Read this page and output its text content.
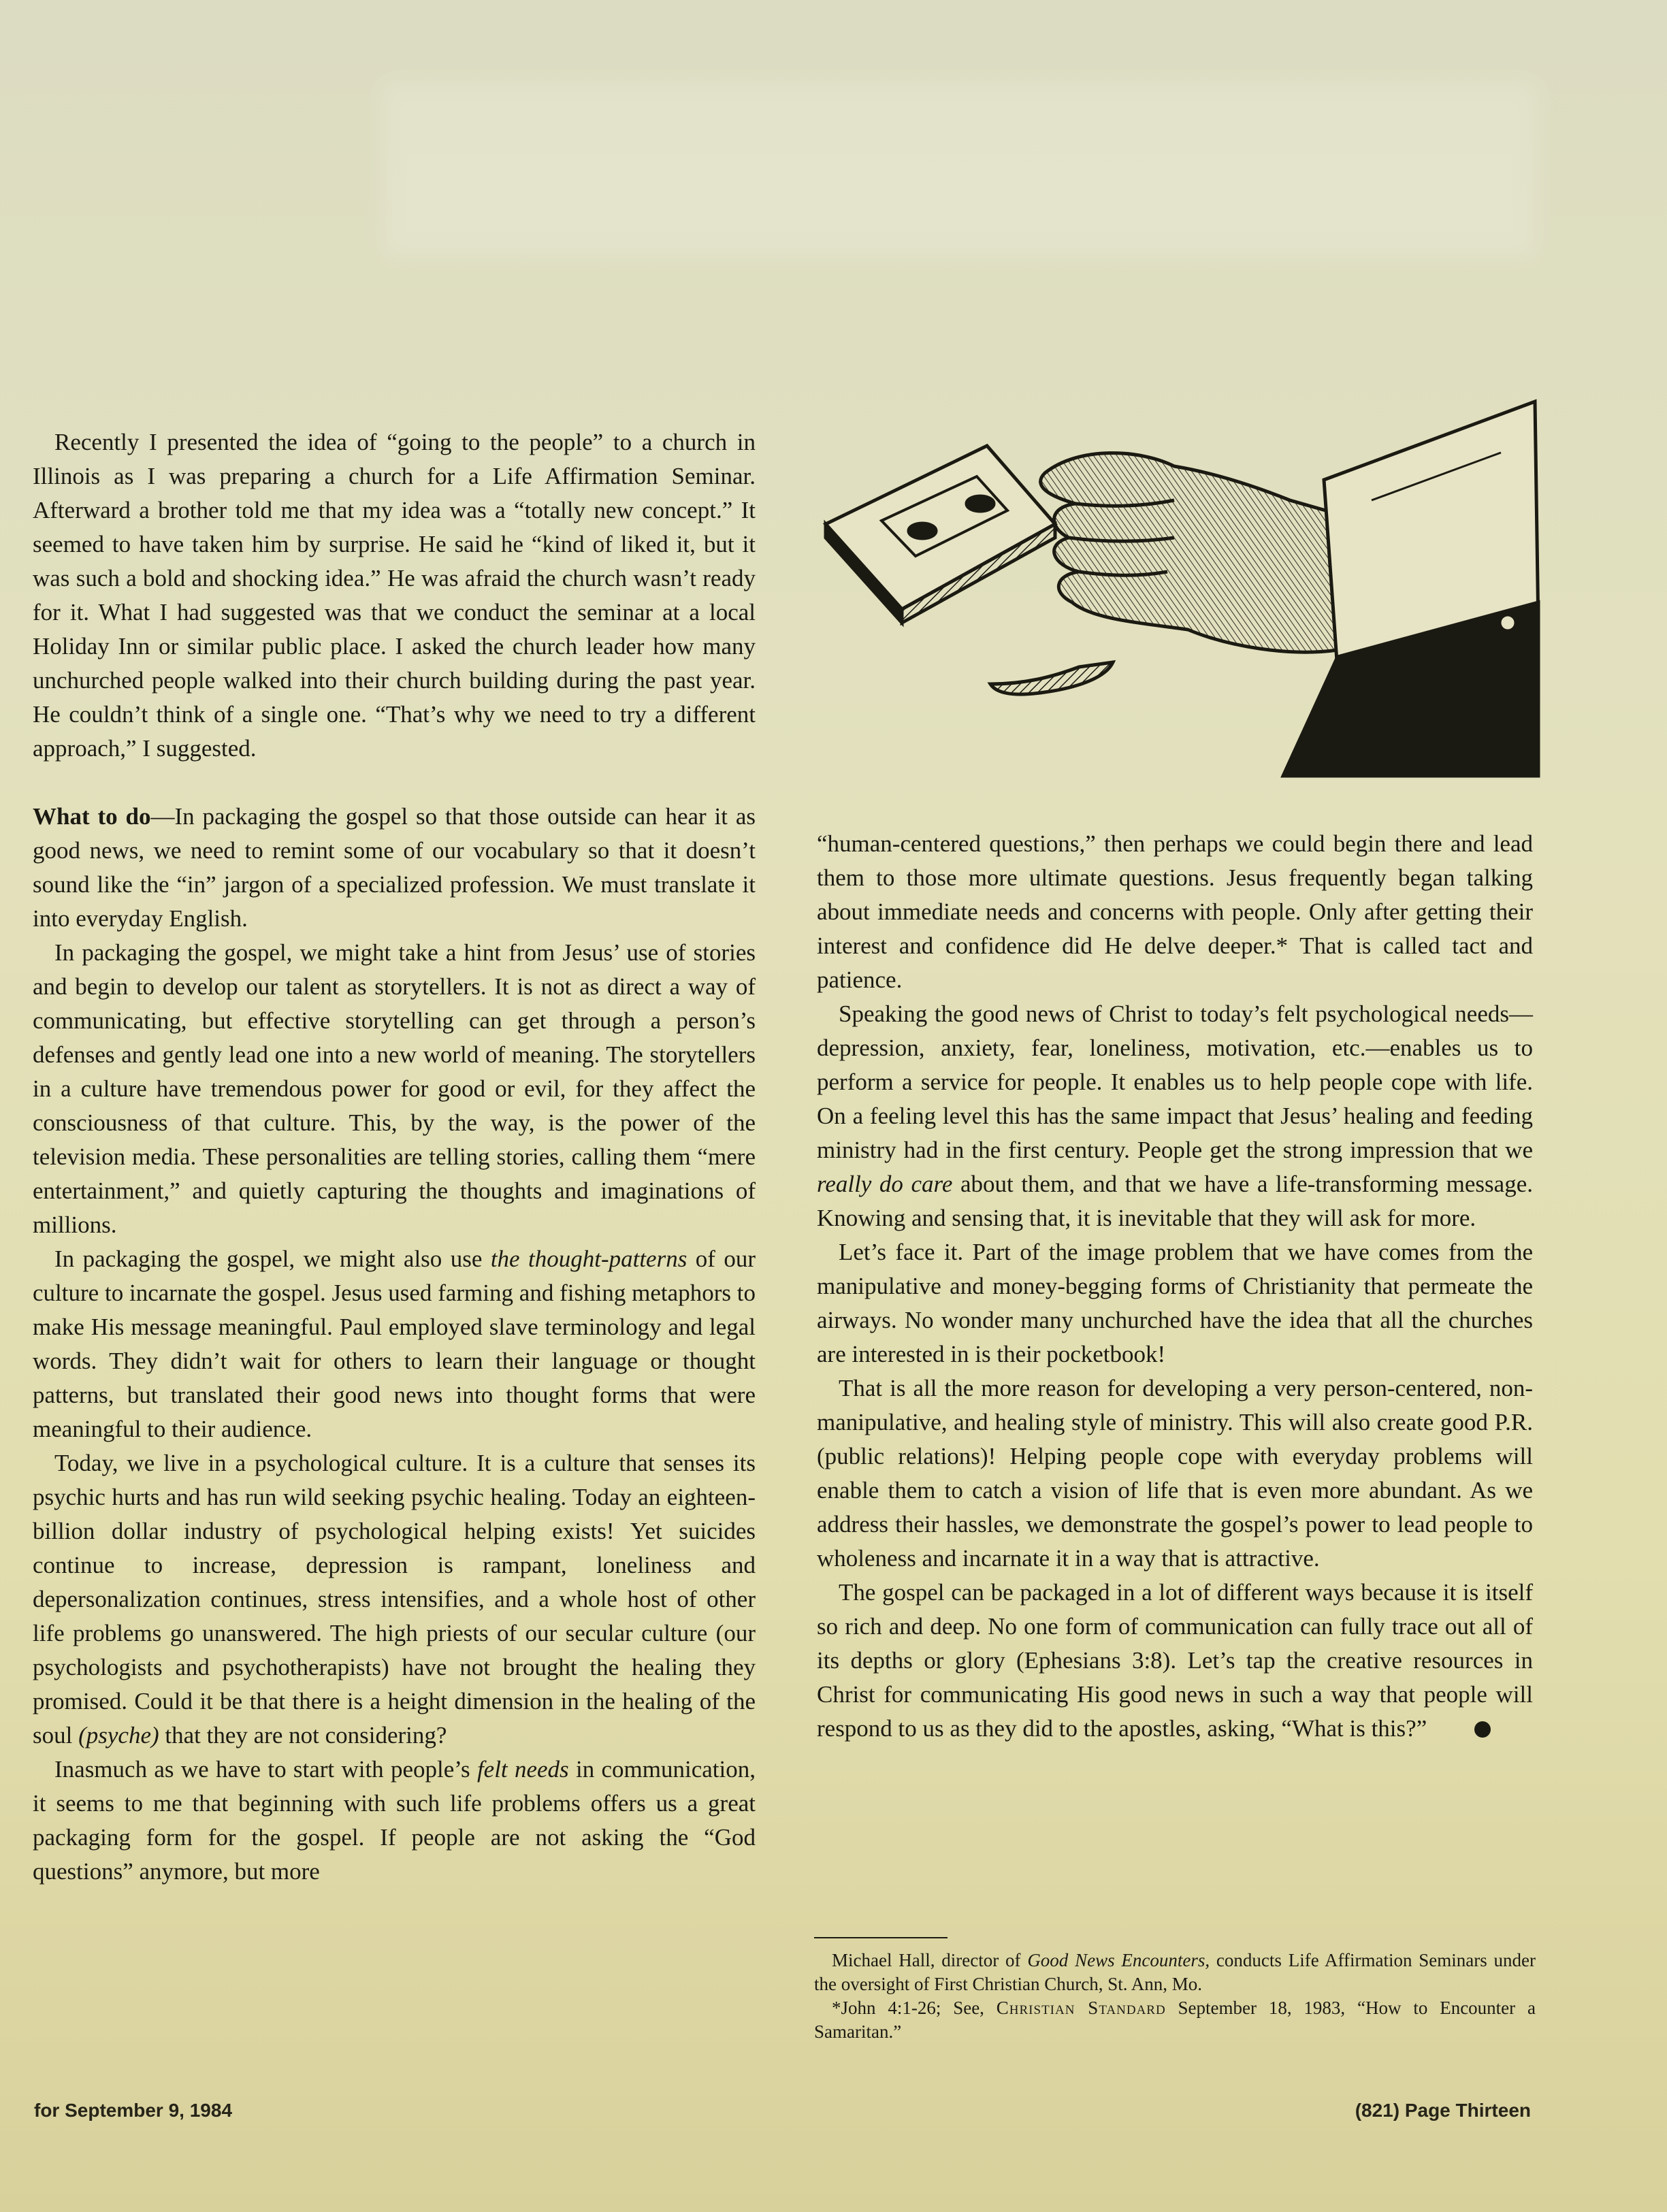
Recently I presented the idea of “going to the people” to a church in Illinois as I was preparing a church for a Life Affirmation Seminar. Afterward a brother told me that my idea was a “totally new concept.” It seemed to have taken him by surprise. He said he “kind of liked it, but it was such a bold and shocking idea.” He was afraid the church wasn’t ready for it. What I had suggested was that we conduct the seminar at a local Holiday Inn or similar public place. I asked the church leader how many unchurched people walked into their church building during the past year. He couldn’t think of a single one. “That’s why we need to try a different approach,” I suggested.

What to do—In packaging the gospel so that those outside can hear it as good news, we need to remint some of our vocabulary so that it doesn’t sound like the “in” jargon of a specialized profession. We must translate it into everyday English.

In packaging the gospel, we might take a hint from Jesus’ use of stories and begin to develop our talent as storytellers. It is not as direct a way of communicating, but effective storytelling can get through a person’s defenses and gently lead one into a new world of meaning. The storytellers in a culture have tremendous power for good or evil, for they affect the consciousness of that culture. This, by the way, is the power of the television media. These personalities are telling stories, calling them “mere entertainment,” and quietly capturing the thoughts and imaginations of millions.

In packaging the gospel, we might also use the thought-patterns of our culture to incarnate the gospel. Jesus used farming and fishing metaphors to make His message meaningful. Paul employed slave terminology and legal words. They didn’t wait for others to learn their language or thought patterns, but translated their good news into thought forms that were meaningful to their audience.

Today, we live in a psychological culture. It is a culture that senses its psychic hurts and has run wild seeking psychic healing. Today an eighteen-billion dollar industry of psychological helping exists! Yet suicides continue to increase, depression is rampant, loneliness and depersonalization continues, stress intensifies, and a whole host of other life problems go unanswered. The high priests of our secular culture (our psychologists and psychotherapists) have not brought the healing they promised. Could it be that there is a height dimension in the healing of the soul (psyche) that they are not considering?

Inasmuch as we have to start with people’s felt needs in communication, it seems to me that beginning with such life problems offers us a great packaging form for the gospel. If people are not asking the “God questions” anymore, but more

“human-centered questions,” then perhaps we could begin there and lead them to those more ultimate questions. Jesus frequently began talking about immediate needs and concerns with people. Only after getting their interest and confidence did He delve deeper.* That is called tact and patience.

Speaking the good news of Christ to today’s felt psychological needs—depression, anxiety, fear, loneliness, motivation, etc.—enables us to perform a service for people. It enables us to help people cope with life. On a feeling level this has the same impact that Jesus’ healing and feeding ministry had in the first century. People get the strong impression that we really do care about them, and that we have a life-transforming message. Knowing and sensing that, it is inevitable that they will ask for more.

Let’s face it. Part of the image problem that we have comes from the manipulative and money-begging forms of Christianity that permeate the airways. No wonder many unchurched have the idea that all the churches are interested in is their pocketbook!

That is all the more reason for developing a very person-centered, non-manipulative, and healing style of ministry. This will also create good P.R. (public relations)! Helping people cope with everyday problems will enable them to catch a vision of life that is even more abundant. As we address their hassles, we demonstrate the gospel’s power to lead people to wholeness and incarnate it in a way that is attractive.

The gospel can be packaged in a lot of different ways because it is itself so rich and deep. No one form of communication can fully trace out all of its depths or glory (Ephesians 3:8). Let’s tap the creative resources in Christ for communicating His good news in such a way that people will respond to us as they did to the apostles, asking, “What is this?”

Michael Hall, director of Good News Encounters, conducts Life Affirmation Seminars under the oversight of First Christian Church, St. Ann, Mo.

*John 4:1-26; See, Christian Standard September 18, 1983, “How to Encounter a Samaritan.”

for September 9, 1984	(821) Page Thirteen
